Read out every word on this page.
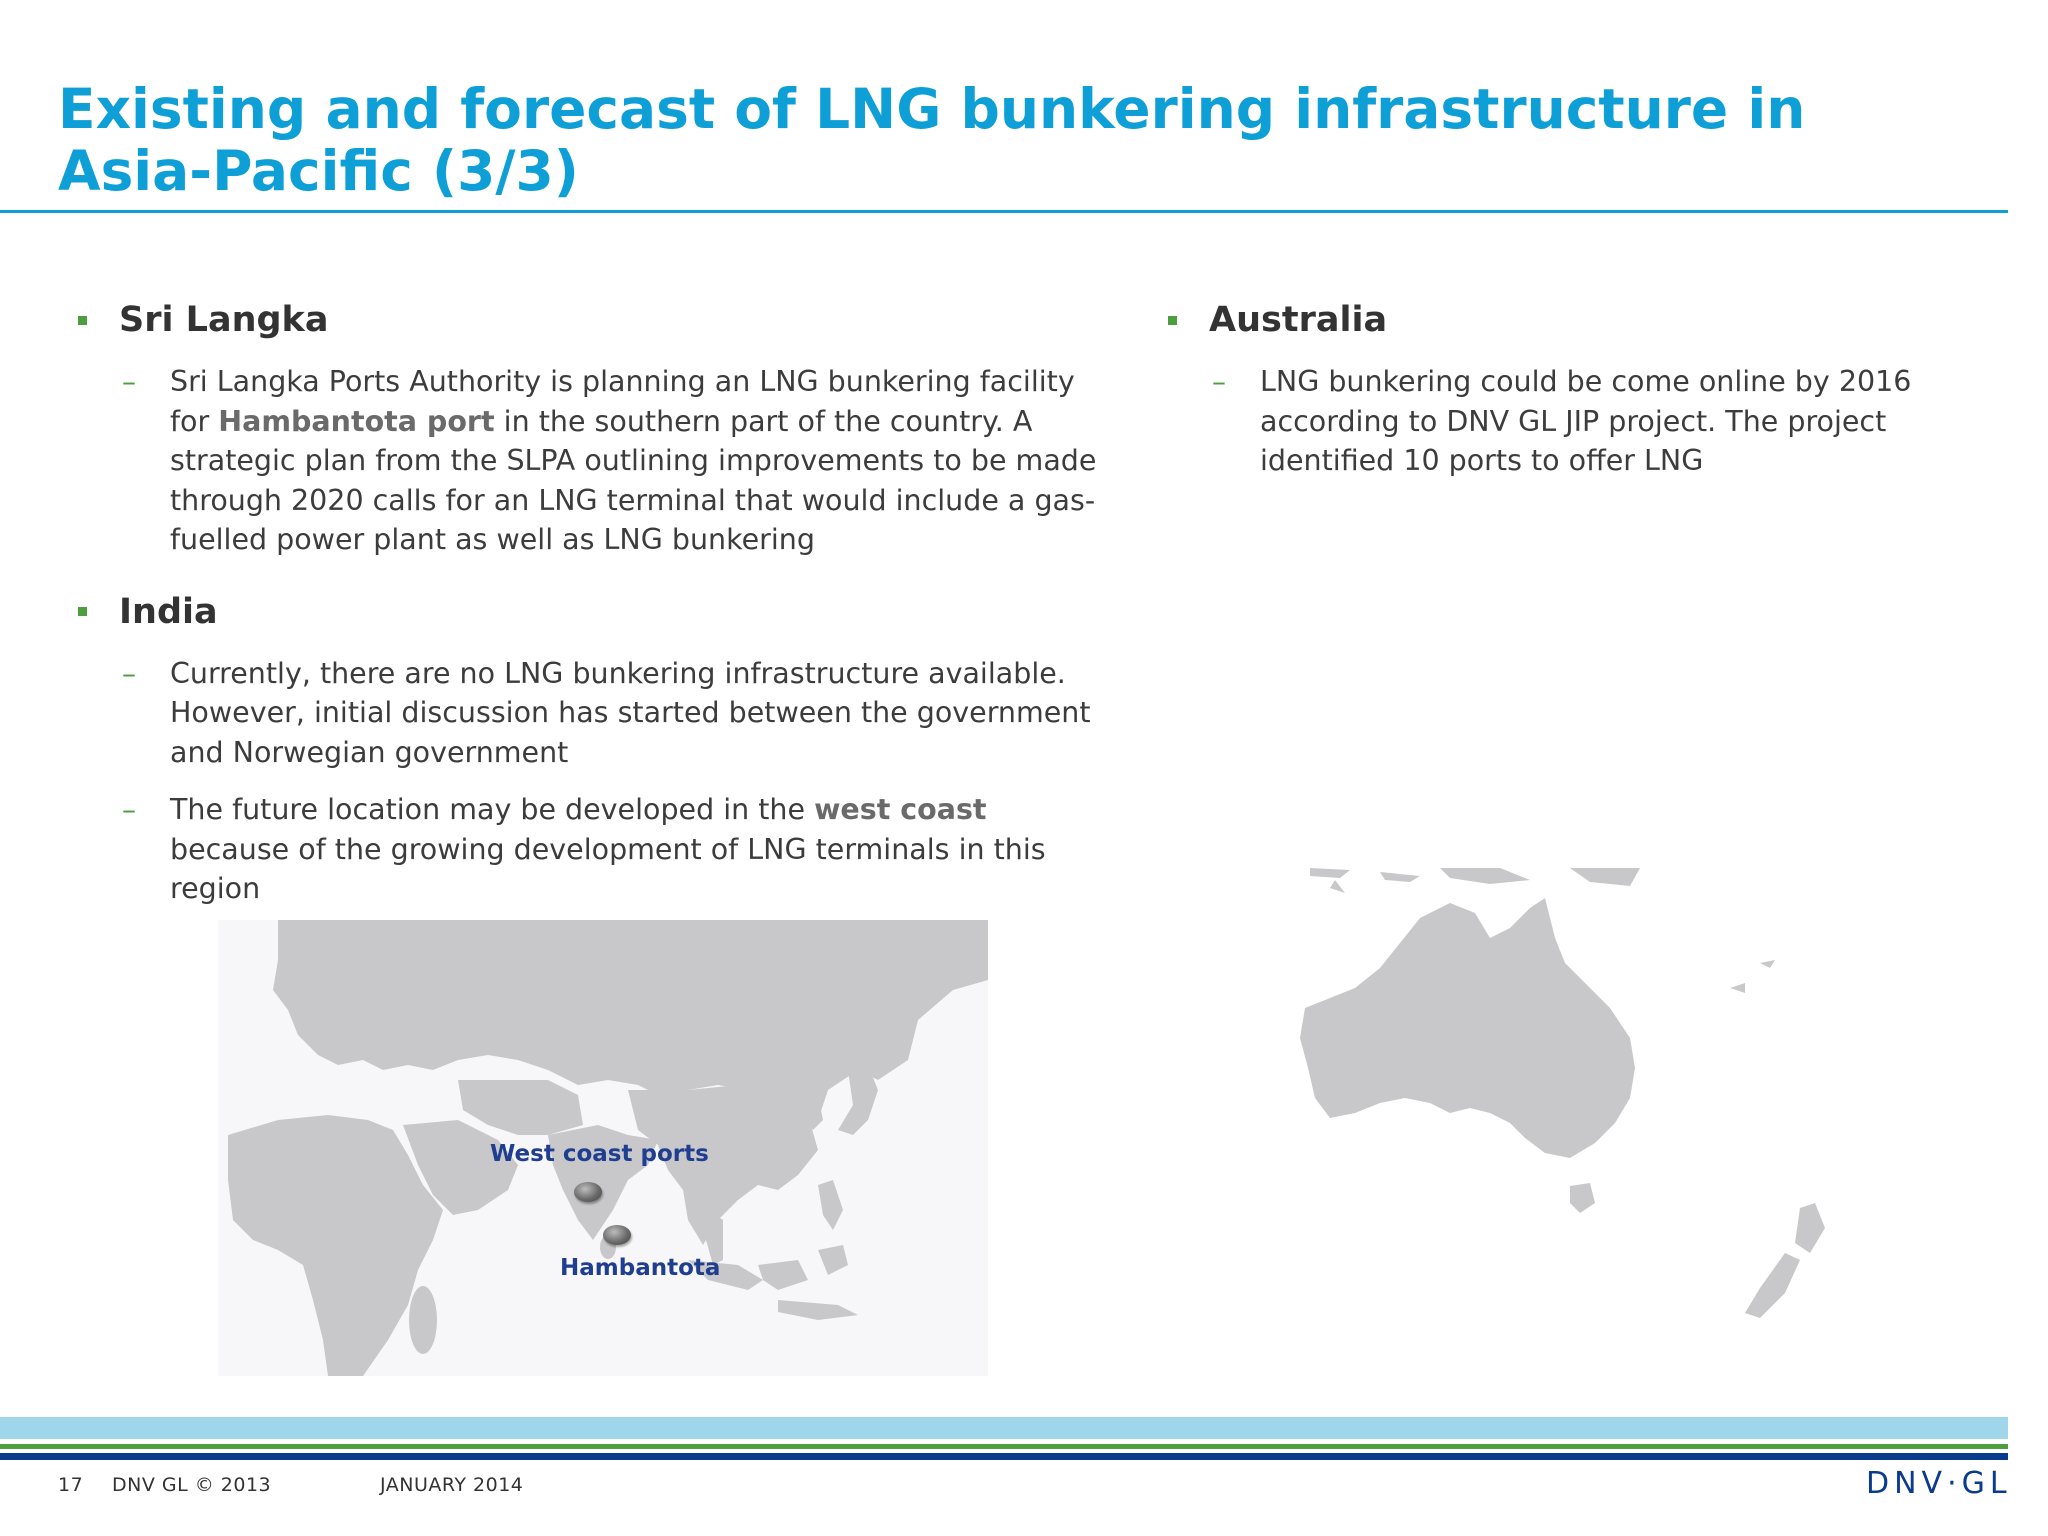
Existing and forecast of LNG bunkering infrastructure in Asia-Pacific (3/3)
Sri Langka
–	Sri Langka Ports Authority is planning an LNG bunkering facility for Hambantota port in the southern part of the country. A strategic plan from the SLPA outlining improvements to be made through 2020 calls for an LNG terminal that would include a gas-fuelled power plant as well as LNG bunkering
India
–	Currently, there are no LNG bunkering infrastructure available. However, initial discussion has started between the government and Norwegian government
–	The future location may be developed in the west coast because of the growing development of LNG terminals in this region
Australia
–	LNG bunkering could be come online by 2016 according to DNV GL JIP project. The project identified 10 ports to offer LNG
West coast ports
Hambantota
17 DNV GL © 2013	JANUARY 2014	DNV·GL
